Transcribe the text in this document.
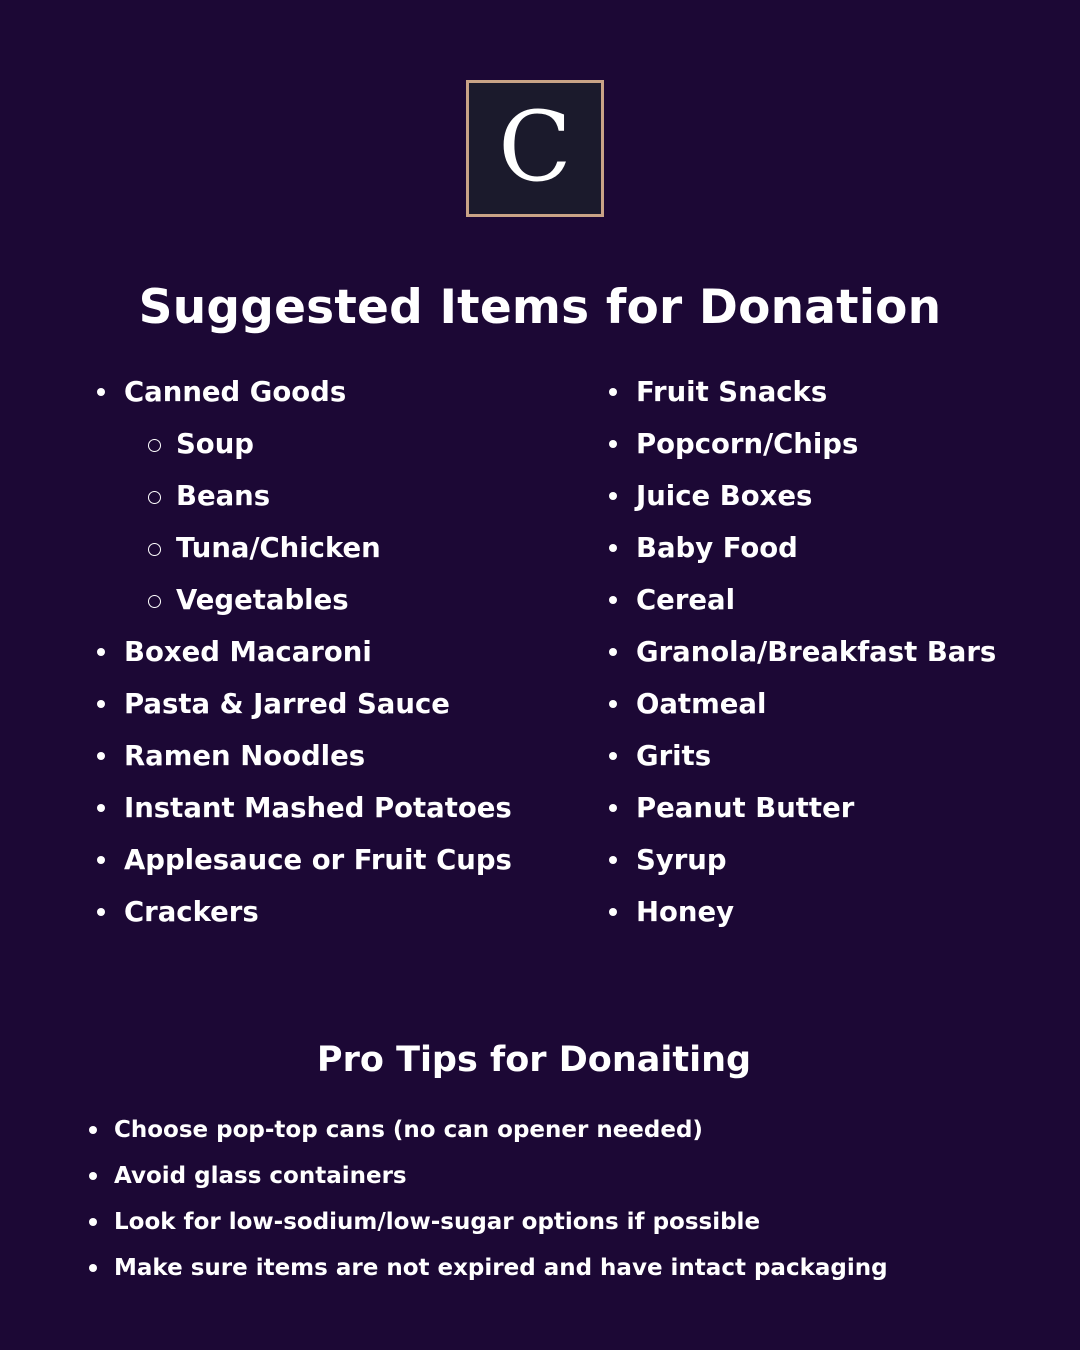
C
Suggested Items for Donation
Canned Goods
Soup
Beans
Tuna/Chicken
Vegetables
Boxed Macaroni
Pasta & Jarred Sauce
Ramen Noodles
Instant Mashed Potatoes
Applesauce or Fruit Cups
Crackers
Fruit Snacks
Popcorn/Chips
Juice Boxes
Baby Food
Cereal
Granola/Breakfast Bars
Oatmeal
Grits
Peanut Butter
Syrup
Honey
Pro Tips for Donaiting
Choose pop-top cans (no can opener needed)
Avoid glass containers
Look for low-sodium/low-sugar options if possible
Make sure items are not expired and have intact packaging
